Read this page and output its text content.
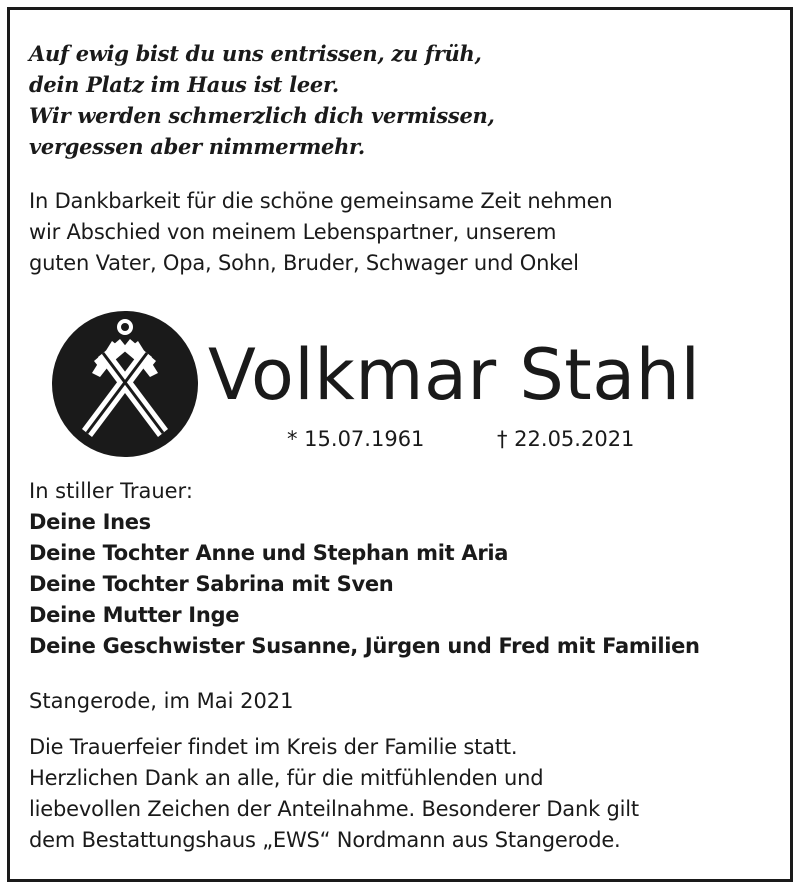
Auf ewig bist du uns entrissen, zu früh,
dein Platz im Haus ist leer.
Wir werden schmerzlich dich vermissen,
vergessen aber nimmermehr.
In Dankbarkeit für die schöne gemeinsame Zeit nehmen
wir Abschied von meinem Lebenspartner, unserem
guten Vater, Opa, Sohn, Bruder, Schwager und Onkel
Volkmar Stahl
* 15.07.1961	† 22.05.2021
In stiller Trauer:
Deine Ines
Deine Tochter Anne und Stephan mit Aria
Deine Tochter Sabrina mit Sven
Deine Mutter Inge
Deine Geschwister Susanne, Jürgen und Fred mit Familien
Stangerode, im Mai 2021
Die Trauerfeier findet im Kreis der Familie statt.
Herzlichen Dank an alle, für die mitfühlenden und
liebevollen Zeichen der Anteilnahme. Besonderer Dank gilt
dem Bestattungshaus „EWS“ Nordmann aus Stangerode.
